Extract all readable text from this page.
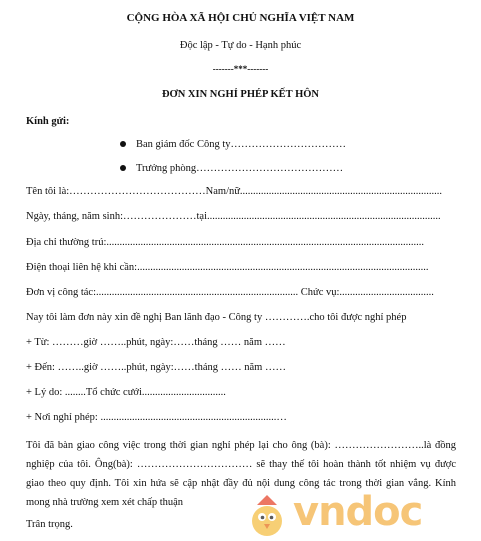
CỘNG HÒA XÃ HỘI CHỦ NGHĨA VIỆT NAM
Độc lập - Tự do - Hạnh phúc
-------***-------
ĐƠN XIN NGHỈ PHÉP KẾT HÔN
Kính gửi:
Ban giám đốc Công ty……………………………
Trưởng phòng……………………………………
Tên tôi là:…………………………………Nam/nữ.............................................................................
Ngày, tháng, năm sinh:…………………tại.........................................................................................
Địa chỉ thường trú:.........................................................................................................................
Điện thoại liên hệ khi cần:...............................................................................................................
Đơn vị công tác:............................................................................. Chức vụ:....................................
Nay tôi làm đơn này xin đề nghị Ban lãnh đạo - Công ty ………….cho tôi được nghỉ phép
+ Từ: ………giờ ……..phút, ngày:……tháng …… năm ……
+ Đến: ……..giờ ……..phút, ngày:……tháng …… năm ……
+ Lý do: ........Tổ chức cưới................................
+ Nơi nghỉ phép: ...................................................................…
Tôi đã bàn giao công việc trong thời gian nghỉ phép lại cho ông (bà): ……………………..là đồng nghiệp của tôi. Ông(bà): …………………………… sẽ thay thế tôi hoàn thành tốt nhiệm vụ được giao theo quy định. Tôi xin hứa sẽ cập nhật đầy đủ nội dung công tác trong thời gian vắng. Kính mong nhà trường xem xét chấp thuận
Trân trọng.	vndoc
